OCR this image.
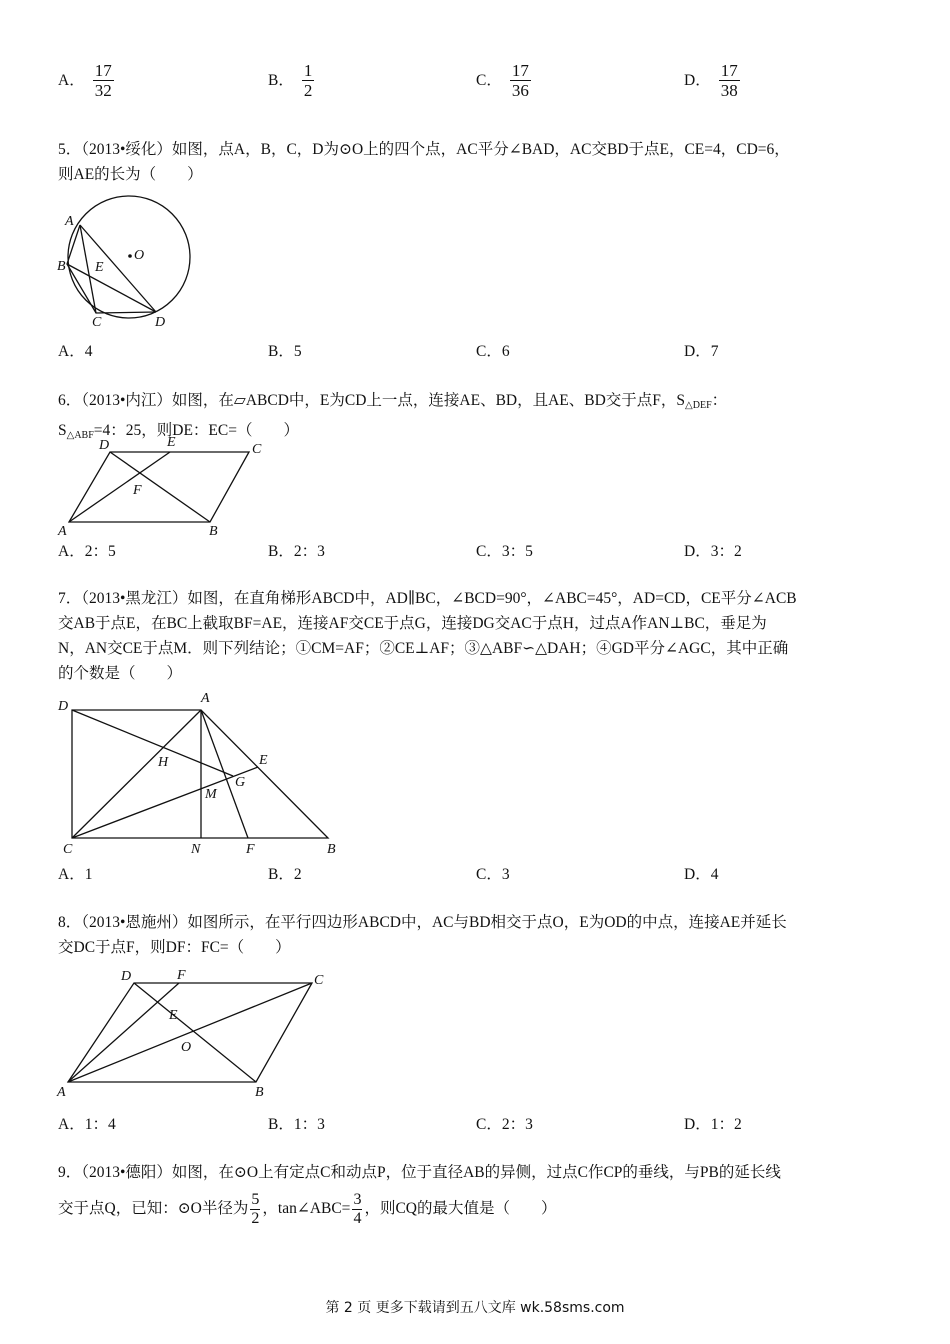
A． $\frac{17}{32}$	B． $\frac{1}{2}$	C． $\frac{17}{36}$	D． $\frac{17}{38}$
5．（2013•绥化）如图，点A，B，C，D为⊙O上的四个点，AC平分∠BAD，AC交BD于点E，CE=4，CD=6，
则AE的长为（　　）
A
B
C	D
E
O
A．4	B．5	C．6	D．7
6．（2013•内江）如图，在▱ABCD中，E为CD上一点，连接AE、BD，且AE、BD交于点F，$S_{\triangle DEF}$：
$S_{\triangle ABF}=4$：25，则DE：EC=（　　）
A	B
C
D	E
F
A．2：5	B．2：3	C．3：5	D．3：2
7．（2013•黑龙江）如图，在直角梯形ABCD中，AD∥BC，∠BCD=90°，∠ABC=45°，AD=CD，CE平分∠ACB
交AB于点E，在BC上截取BF=AE，连接AF交CE于点G，连接DG交AC于点H，过点A作AN⊥BC，垂足为
N，AN交CE于点M．则下列结论；①CM=AF；②CE⊥AF；③△ABF∽△DAH；④GD平分∠AGC，其中正确
的个数是（　　）
A
B
C
D
E
F
G
H
M
N
A．1	B．2	C．3	D．4
8．（2013•恩施州）如图所示，在平行四边形ABCD中，AC与BD相交于点O，E为OD的中点，连接AE并延长
交DC于点F，则DF：FC=（　　）
A	B
C
D
E
F
O
A．1：4	B．1：3	C．2：3	D．1：2
9．（2013•德阳）如图，在⊙O上有定点C和动点P，位于直径AB的异侧，过点C作CP的垂线，与PB的延长线
交于点Q，已知：⊙O半径为 $\frac{5}{2}$ ，tan∠ABC= $\frac{3}{4}$ ，则CQ的最大值是（　　）
第 2 页 更多下载请到五八文库 wk.58sms.com
